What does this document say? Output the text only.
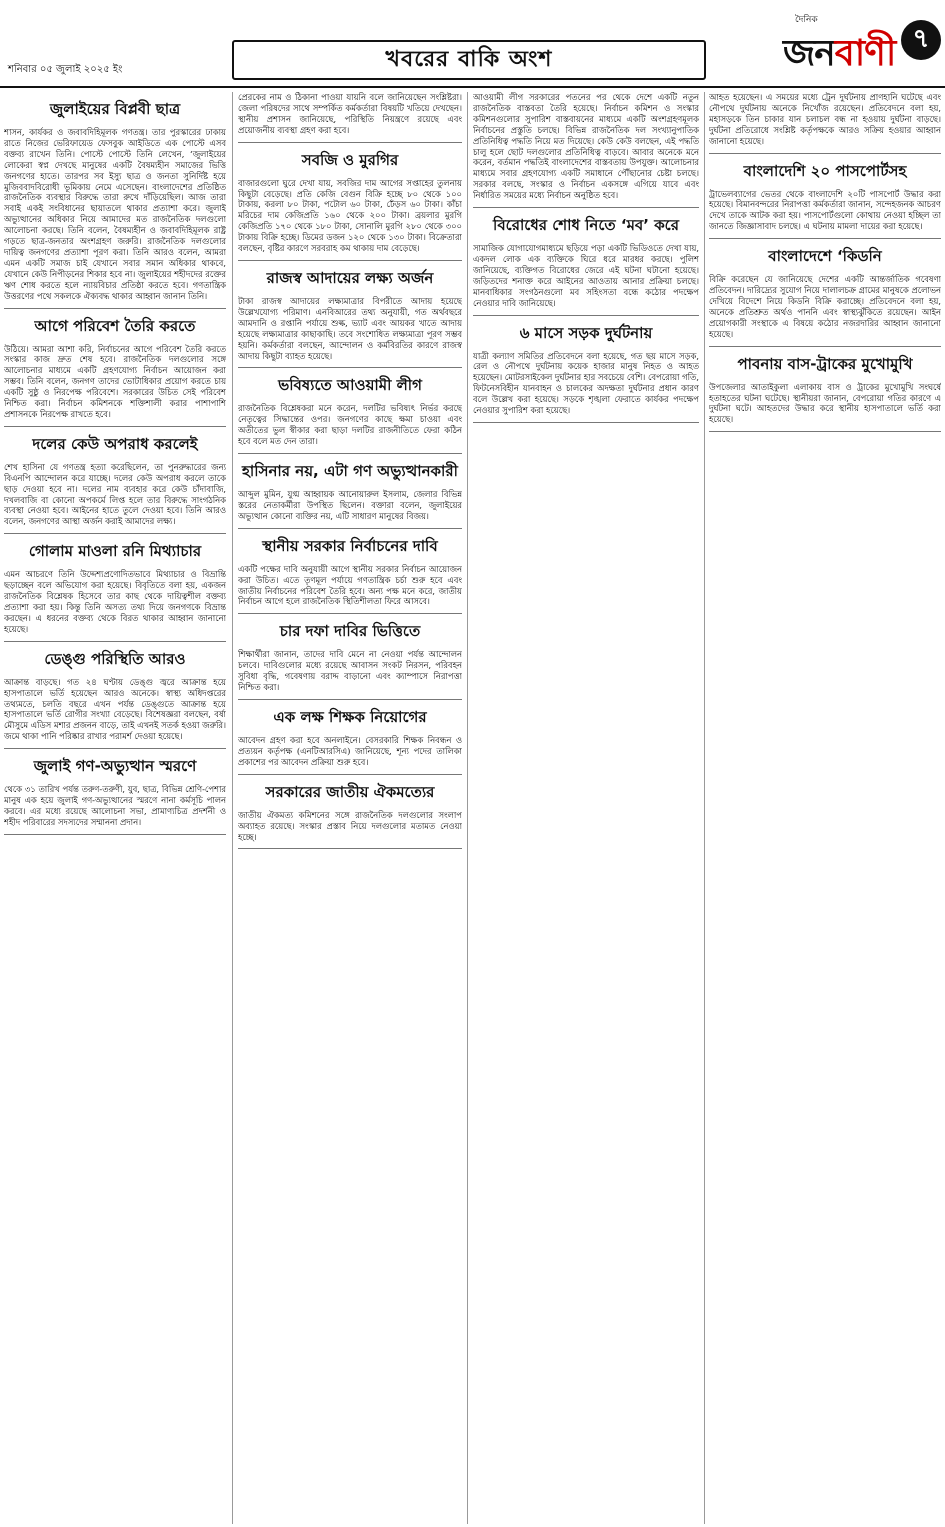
শনিবার ০৫ জুলাই ২০২৫ ইং	খবরের বাকি অংশ
দৈনিক
জনবাণী ৭
জুলাইয়ের বিপ্লবী ছাত্র
শাসন, কার্যকর ও জবাবদিহিমূলক গণতন্ত্র। তার পুরস্কারের ঢাকায় রাতে নিজের ভেরিফায়েড ফেসবুক আইডিতে এক পোস্টে এসব বক্তব্য রাখেন তিনি। পোস্টে পোস্টে তিনি লেখেন, ‘জুলাইয়ের লোকেরা স্বপ্ন দেখছে মানুষের একটি বৈষম্যহীন সমাজের ভিত্তি জনগণের হাতে। তারপর সব ইস্যু ছাত্র ও জনতা সুনির্দিষ্ট হয়ে মুজিববাদবিরোধী ভূমিকায় নেমে এসেছেন। বাংলাদেশের প্রতিষ্ঠিত রাজনৈতিক ব্যবস্থার বিরুদ্ধে তারা রুখে দাঁড়িয়েছিল। আজ তারা সবাই একই সংবিধানের ছায়াতলে থাকার প্রত্যাশা করে। জুলাই অভ্যুত্থানের অধিকার নিয়ে আমাদের মত রাজনৈতিক দলগুলো আলোচনা করছে। তিনি বলেন, বৈষম্যহীন ও জবাবদিহিমূলক রাষ্ট্র গড়তে ছাত্র-জনতার অংশগ্রহণ জরুরি। রাজনৈতিক দলগুলোর দায়িত্ব জনগণের প্রত্যাশা পূরণ করা। তিনি আরও বলেন, আমরা এমন একটি সমাজ চাই যেখানে সবার সমান অধিকার থাকবে, যেখানে কেউ নিপীড়নের শিকার হবে না। জুলাইয়ের শহীদদের রক্তের ঋণ শোধ করতে হলে ন্যায়বিচার প্রতিষ্ঠা করতে হবে। গণতান্ত্রিক উত্তরণের পথে সকলকে ঐক্যবদ্ধ থাকার আহ্বান জানান তিনি।
আগে পরিবেশ তৈরি করতে
উঠিয়ে। আমরা আশা করি, নির্বাচনের আগে পরিবেশ তৈরি করতে সংস্কার কাজ দ্রুত শেষ হবে। রাজনৈতিক দলগুলোর সঙ্গে আলোচনার মাধ্যমে একটি গ্রহণযোগ্য নির্বাচন আয়োজন করা সম্ভব। তিনি বলেন, জনগণ তাদের ভোটাধিকার প্রয়োগ করতে চায় একটি সুষ্ঠু ও নিরপেক্ষ পরিবেশে। সরকারের উচিত সেই পরিবেশ নিশ্চিত করা। নির্বাচন কমিশনকে শক্তিশালী করার পাশাপাশি প্রশাসনকে নিরপেক্ষ রাখতে হবে।
দলের কেউ অপরাধ করলেই
শেখ হাসিনা যে গণতন্ত্র হত্যা করেছিলেন, তা পুনরুদ্ধারের জন্য বিএনপি আন্দোলন করে যাচ্ছে। দলের কেউ অপরাধ করলে তাকে ছাড় দেওয়া হবে না। দলের নাম ব্যবহার করে কেউ চাঁদাবাজি, দখলবাজি বা কোনো অপকর্মে লিপ্ত হলে তার বিরুদ্ধে সাংগঠনিক ব্যবস্থা নেওয়া হবে। আইনের হাতে তুলে দেওয়া হবে। তিনি আরও বলেন, জনগণের আস্থা অর্জন করাই আমাদের লক্ষ্য।
গোলাম মাওলা রনি মিথ্যাচার
এমন আচরণে তিনি উদ্দেশ্যপ্রণোদিতভাবে মিথ্যাচার ও বিভ্রান্তি ছড়াচ্ছেন বলে অভিযোগ করা হয়েছে। বিবৃতিতে বলা হয়, একজন রাজনৈতিক বিশ্লেষক হিসেবে তার কাছ থেকে দায়িত্বশীল বক্তব্য প্রত্যাশা করা হয়। কিন্তু তিনি অসত্য তথ্য দিয়ে জনগণকে বিভ্রান্ত করছেন। এ ধরনের বক্তব্য থেকে বিরত থাকার আহ্বান জানানো হয়েছে।
ডেঙ্গু পরিস্থিতি আরও
আক্রান্ত বাড়ছে। গত ২৪ ঘণ্টায় ডেঙ্গু জ্বরে আক্রান্ত হয়ে হাসপাতালে ভর্তি হয়েছেন আরও অনেকে। স্বাস্থ্য অধিদপ্তরের তথ্যমতে, চলতি বছরে এখন পর্যন্ত ডেঙ্গুতে আক্রান্ত হয়ে হাসপাতালে ভর্তি রোগীর সংখ্যা বেড়েছে। বিশেষজ্ঞরা বলছেন, বর্ষা মৌসুমে এডিস মশার প্রজনন বাড়ে, তাই এখনই সতর্ক হওয়া জরুরি। জমে থাকা পানি পরিষ্কার রাখার পরামর্শ দেওয়া হয়েছে।
জুলাই গণ-অভ্যুত্থান স্মরণে
থেকে ৩১ তারিখ পর্যন্ত তরুণ-তরুণী, যুব, ছাত্র, বিভিন্ন শ্রেণি-পেশার মানুষ এক হয়ে জুলাই গণ-অভ্যুত্থানের স্মরণে নানা কর্মসূচি পালন করবে। এর মধ্যে রয়েছে আলোচনা সভা, প্রামাণ্যচিত্র প্রদর্শনী ও শহীদ পরিবারের সদস্যদের সম্মাননা প্রদান।
প্রেরকের নাম ও ঠিকানা পাওয়া যায়নি বলে জানিয়েছেন সংশ্লিষ্টরা। জেলা পরিষদের সাথে সম্পর্কিত কর্মকর্তারা বিষয়টি খতিয়ে দেখছেন। স্থানীয় প্রশাসন জানিয়েছে, পরিস্থিতি নিয়ন্ত্রণে রয়েছে এবং প্রয়োজনীয় ব্যবস্থা গ্রহণ করা হবে।
সবজি ও মুরগির
বাজারগুলো ঘুরে দেখা যায়, সবজির দাম আগের সপ্তাহের তুলনায় কিছুটা বেড়েছে। প্রতি কেজি বেগুন বিক্রি হচ্ছে ৮০ থেকে ১০০ টাকায়, করলা ৮০ টাকা, পটোল ৬০ টাকা, ঢেঁড়স ৬০ টাকা। কাঁচা মরিচের দাম কেজিপ্রতি ১৬০ থেকে ২০০ টাকা। ব্রয়লার মুরগি কেজিপ্রতি ১৭০ থেকে ১৮০ টাকা, সোনালি মুরগি ২৮০ থেকে ৩০০ টাকায় বিক্রি হচ্ছে। ডিমের ডজন ১২০ থেকে ১৩০ টাকা। বিক্রেতারা বলছেন, বৃষ্টির কারণে সরবরাহ কম থাকায় দাম বেড়েছে।
রাজস্ব আদায়ের লক্ষ্য অর্জন
টাকা রাজস্ব আদায়ের লক্ষ্যমাত্রার বিপরীতে আদায় হয়েছে উল্লেখযোগ্য পরিমাণ। এনবিআরের তথ্য অনুযায়ী, গত অর্থবছরে আমদানি ও রপ্তানি পর্যায়ে শুল্ক, ভ্যাট এবং আয়কর খাতে আদায় হয়েছে লক্ষ্যমাত্রার কাছাকাছি। তবে সংশোধিত লক্ষ্যমাত্রা পূরণ সম্ভব হয়নি। কর্মকর্তারা বলছেন, আন্দোলন ও কর্মবিরতির কারণে রাজস্ব আদায় কিছুটা ব্যাহত হয়েছে।
ভবিষ্যতে আওয়ামী লীগ
রাজনৈতিক বিশ্লেষকরা মনে করেন, দলটির ভবিষ্যৎ নির্ভর করছে নেতৃত্বের সিদ্ধান্তের ওপর। জনগণের কাছে ক্ষমা চাওয়া এবং অতীতের ভুল স্বীকার করা ছাড়া দলটির রাজনীতিতে ফেরা কঠিন হবে বলে মত দেন তারা।
হাসিনার নয়, এটা গণ অভ্যুত্থানকারী
আব্দুল মুমিন, যুগ্ম আহ্বায়ক আনোয়ারুল ইসলাম, জেলার বিভিন্ন স্তরের নেতাকর্মীরা উপস্থিত ছিলেন। বক্তারা বলেন, জুলাইয়ের অভ্যুত্থান কোনো ব্যক্তির নয়, এটি সাধারণ মানুষের বিজয়।
স্থানীয় সরকার নির্বাচনের দাবি
একটি পক্ষের দাবি অনুযায়ী আগে স্থানীয় সরকার নির্বাচন আয়োজন করা উচিত। এতে তৃণমূল পর্যায়ে গণতান্ত্রিক চর্চা শুরু হবে এবং জাতীয় নির্বাচনের পরিবেশ তৈরি হবে। অন্য পক্ষ মনে করে, জাতীয় নির্বাচন আগে হলে রাজনৈতিক স্থিতিশীলতা ফিরে আসবে।
চার দফা দাবির ভিত্তিতে
শিক্ষার্থীরা জানান, তাদের দাবি মেনে না নেওয়া পর্যন্ত আন্দোলন চলবে। দাবিগুলোর মধ্যে রয়েছে আবাসন সংকট নিরসন, পরিবহন সুবিধা বৃদ্ধি, গবেষণায় বরাদ্দ বাড়ানো এবং ক্যাম্পাসে নিরাপত্তা নিশ্চিত করা।
এক লক্ষ শিক্ষক নিয়োগের
আবেদন গ্রহণ করা হবে অনলাইনে। বেসরকারি শিক্ষক নিবন্ধন ও প্রত্যয়ন কর্তৃপক্ষ (এনটিআরসিএ) জানিয়েছে, শূন্য পদের তালিকা প্রকাশের পর আবেদন প্রক্রিয়া শুরু হবে।
সরকারের জাতীয় ঐকমত্যের
জাতীয় ঐকমত্য কমিশনের সঙ্গে রাজনৈতিক দলগুলোর সংলাপ অব্যাহত রয়েছে। সংস্কার প্রস্তাব নিয়ে দলগুলোর মতামত নেওয়া হচ্ছে।
আওয়ামী লীগ সরকারের পতনের পর থেকে দেশে একটি নতুন রাজনৈতিক বাস্তবতা তৈরি হয়েছে। নির্বাচন কমিশন ও সংস্কার কমিশনগুলোর সুপারিশ বাস্তবায়নের মাধ্যমে একটি অংশগ্রহণমূলক নির্বাচনের প্রস্তুতি চলছে। বিভিন্ন রাজনৈতিক দল সংখ্যানুপাতিক প্রতিনিধিত্ব পদ্ধতি নিয়ে মত দিয়েছে। কেউ কেউ বলছেন, এই পদ্ধতি চালু হলে ছোট দলগুলোর প্রতিনিধিত্ব বাড়বে। আবার অনেকে মনে করেন, বর্তমান পদ্ধতিই বাংলাদেশের বাস্তবতায় উপযুক্ত। আলোচনার মাধ্যমে সবার গ্রহণযোগ্য একটি সমাধানে পৌঁছানোর চেষ্টা চলছে। সরকার বলছে, সংস্কার ও নির্বাচন একসঙ্গে এগিয়ে যাবে এবং নির্ধারিত সময়ের মধ্যে নির্বাচন অনুষ্ঠিত হবে।
বিরোধের শোধ নিতে ‘মব’ করে
সামাজিক যোগাযোগমাধ্যমে ছড়িয়ে পড়া একটি ভিডিওতে দেখা যায়, একদল লোক এক ব্যক্তিকে ঘিরে ধরে মারধর করছে। পুলিশ জানিয়েছে, ব্যক্তিগত বিরোধের জেরে এই ঘটনা ঘটানো হয়েছে। জড়িতদের শনাক্ত করে আইনের আওতায় আনার প্রক্রিয়া চলছে। মানবাধিকার সংগঠনগুলো মব সহিংসতা বন্ধে কঠোর পদক্ষেপ নেওয়ার দাবি জানিয়েছে।
৬ মাসে সড়ক দুর্ঘটনায়
যাত্রী কল্যাণ সমিতির প্রতিবেদনে বলা হয়েছে, গত ছয় মাসে সড়ক, রেল ও নৌপথে দুর্ঘটনায় কয়েক হাজার মানুষ নিহত ও আহত হয়েছেন। মোটরসাইকেল দুর্ঘটনার হার সবচেয়ে বেশি। বেপরোয়া গতি, ফিটনেসবিহীন যানবাহন ও চালকের অদক্ষতা দুর্ঘটনার প্রধান কারণ বলে উল্লেখ করা হয়েছে। সড়কে শৃঙ্খলা ফেরাতে কার্যকর পদক্ষেপ নেওয়ার সুপারিশ করা হয়েছে।
আহত হয়েছেন। এ সময়ের মধ্যে ট্রেন দুর্ঘটনায় প্রাণহানি ঘটেছে এবং নৌপথে দুর্ঘটনায় অনেকে নিখোঁজ রয়েছেন। প্রতিবেদনে বলা হয়, মহাসড়কে তিন চাকার যান চলাচল বন্ধ না হওয়ায় দুর্ঘটনা বাড়ছে। দুর্ঘটনা প্রতিরোধে সংশ্লিষ্ট কর্তৃপক্ষকে আরও সক্রিয় হওয়ার আহ্বান জানানো হয়েছে।
বাংলাদেশি ২০ পাসপোর্টসহ
ট্রাভেলব্যাগের ভেতর থেকে বাংলাদেশি ২০টি পাসপোর্ট উদ্ধার করা হয়েছে। বিমানবন্দরের নিরাপত্তা কর্মকর্তারা জানান, সন্দেহজনক আচরণ দেখে তাকে আটক করা হয়। পাসপোর্টগুলো কোথায় নেওয়া হচ্ছিল তা জানতে জিজ্ঞাসাবাদ চলছে। এ ঘটনায় মামলা দায়ের করা হয়েছে।
বাংলাদেশে ‘কিডনি
বিক্রি করেছেন যে জানিয়েছে দেশের একটি আন্তর্জাতিক গবেষণা প্রতিবেদন। দারিদ্র্যের সুযোগ নিয়ে দালালচক্র গ্রামের মানুষকে প্রলোভন দেখিয়ে বিদেশে নিয়ে কিডনি বিক্রি করাচ্ছে। প্রতিবেদনে বলা হয়, অনেকে প্রতিশ্রুত অর্থও পাননি এবং স্বাস্থ্যঝুঁকিতে রয়েছেন। আইন প্রয়োগকারী সংস্থাকে এ বিষয়ে কঠোর নজরদারির আহ্বান জানানো হয়েছে।
পাবনায় বাস-ট্রাকের মুখোমুখি
উপজেলার আতাইকুলা এলাকায় বাস ও ট্রাকের মুখোমুখি সংঘর্ষে হতাহতের ঘটনা ঘটেছে। স্থানীয়রা জানান, বেপরোয়া গতির কারণে এ দুর্ঘটনা ঘটে। আহতদের উদ্ধার করে স্থানীয় হাসপাতালে ভর্তি করা হয়েছে।
